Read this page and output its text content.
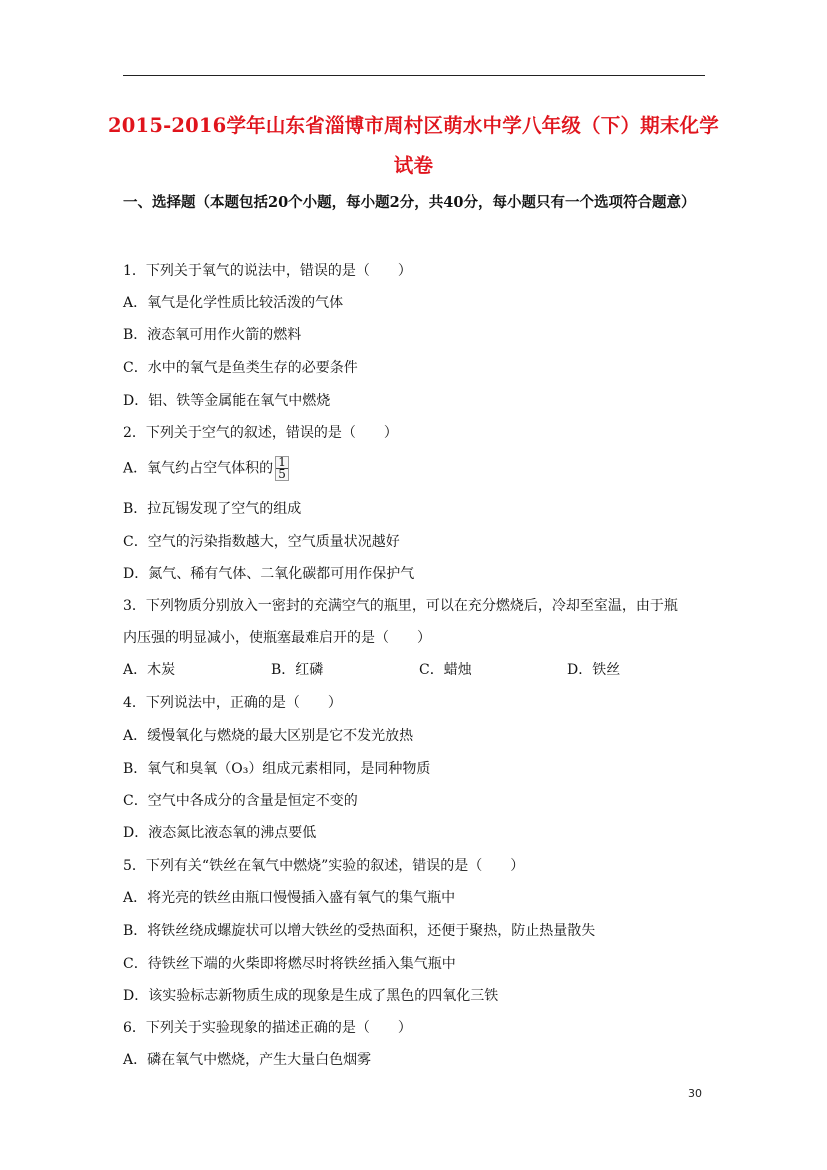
2015-2016学年山东省淄博市周村区萌水中学八年级（下）期末化学
试卷
一、选择题（本题包括20个小题，每小题2分，共40分，每小题只有一个选项符合题意）
1．下列关于氧气的说法中，错误的是（　　）
A．氧气是化学性质比较活泼的气体
B．液态氧可用作火箭的燃料
C．水中的氧气是鱼类生存的必要条件
D．铝、铁等金属能在氧气中燃烧
2．下列关于空气的叙述，错误的是（　　）
A．氧气约占空气体积的 $\frac{1}{5}$
B．拉瓦锡发现了空气的组成
C．空气的污染指数越大，空气质量状况越好
D．氮气、稀有气体、二氧化碳都可用作保护气
3．下列物质分别放入一密封的充满空气的瓶里，可以在充分燃烧后，冷却至室温，由于瓶
内压强的明显减小，使瓶塞最难启开的是（　　）
A．木炭	B．红磷	C．蜡烛	D．铁丝
4．下列说法中，正确的是（　　）
A．缓慢氧化与燃烧的最大区别是它不发光放热
B．氧气和臭氧（O₃）组成元素相同，是同种物质
C．空气中各成分的含量是恒定不变的
D．液态氮比液态氧的沸点要低
5．下列有关“铁丝在氧气中燃烧”实验的叙述，错误的是（　　）
A．将光亮的铁丝由瓶口慢慢插入盛有氧气的集气瓶中
B．将铁丝绕成螺旋状可以增大铁丝的受热面积，还便于聚热，防止热量散失
C．待铁丝下端的火柴即将燃尽时将铁丝插入集气瓶中
D．该实验标志新物质生成的现象是生成了黑色的四氧化三铁
6．下列关于实验现象的描述正确的是（　　）
A．磷在氧气中燃烧，产生大量白色烟雾
30
